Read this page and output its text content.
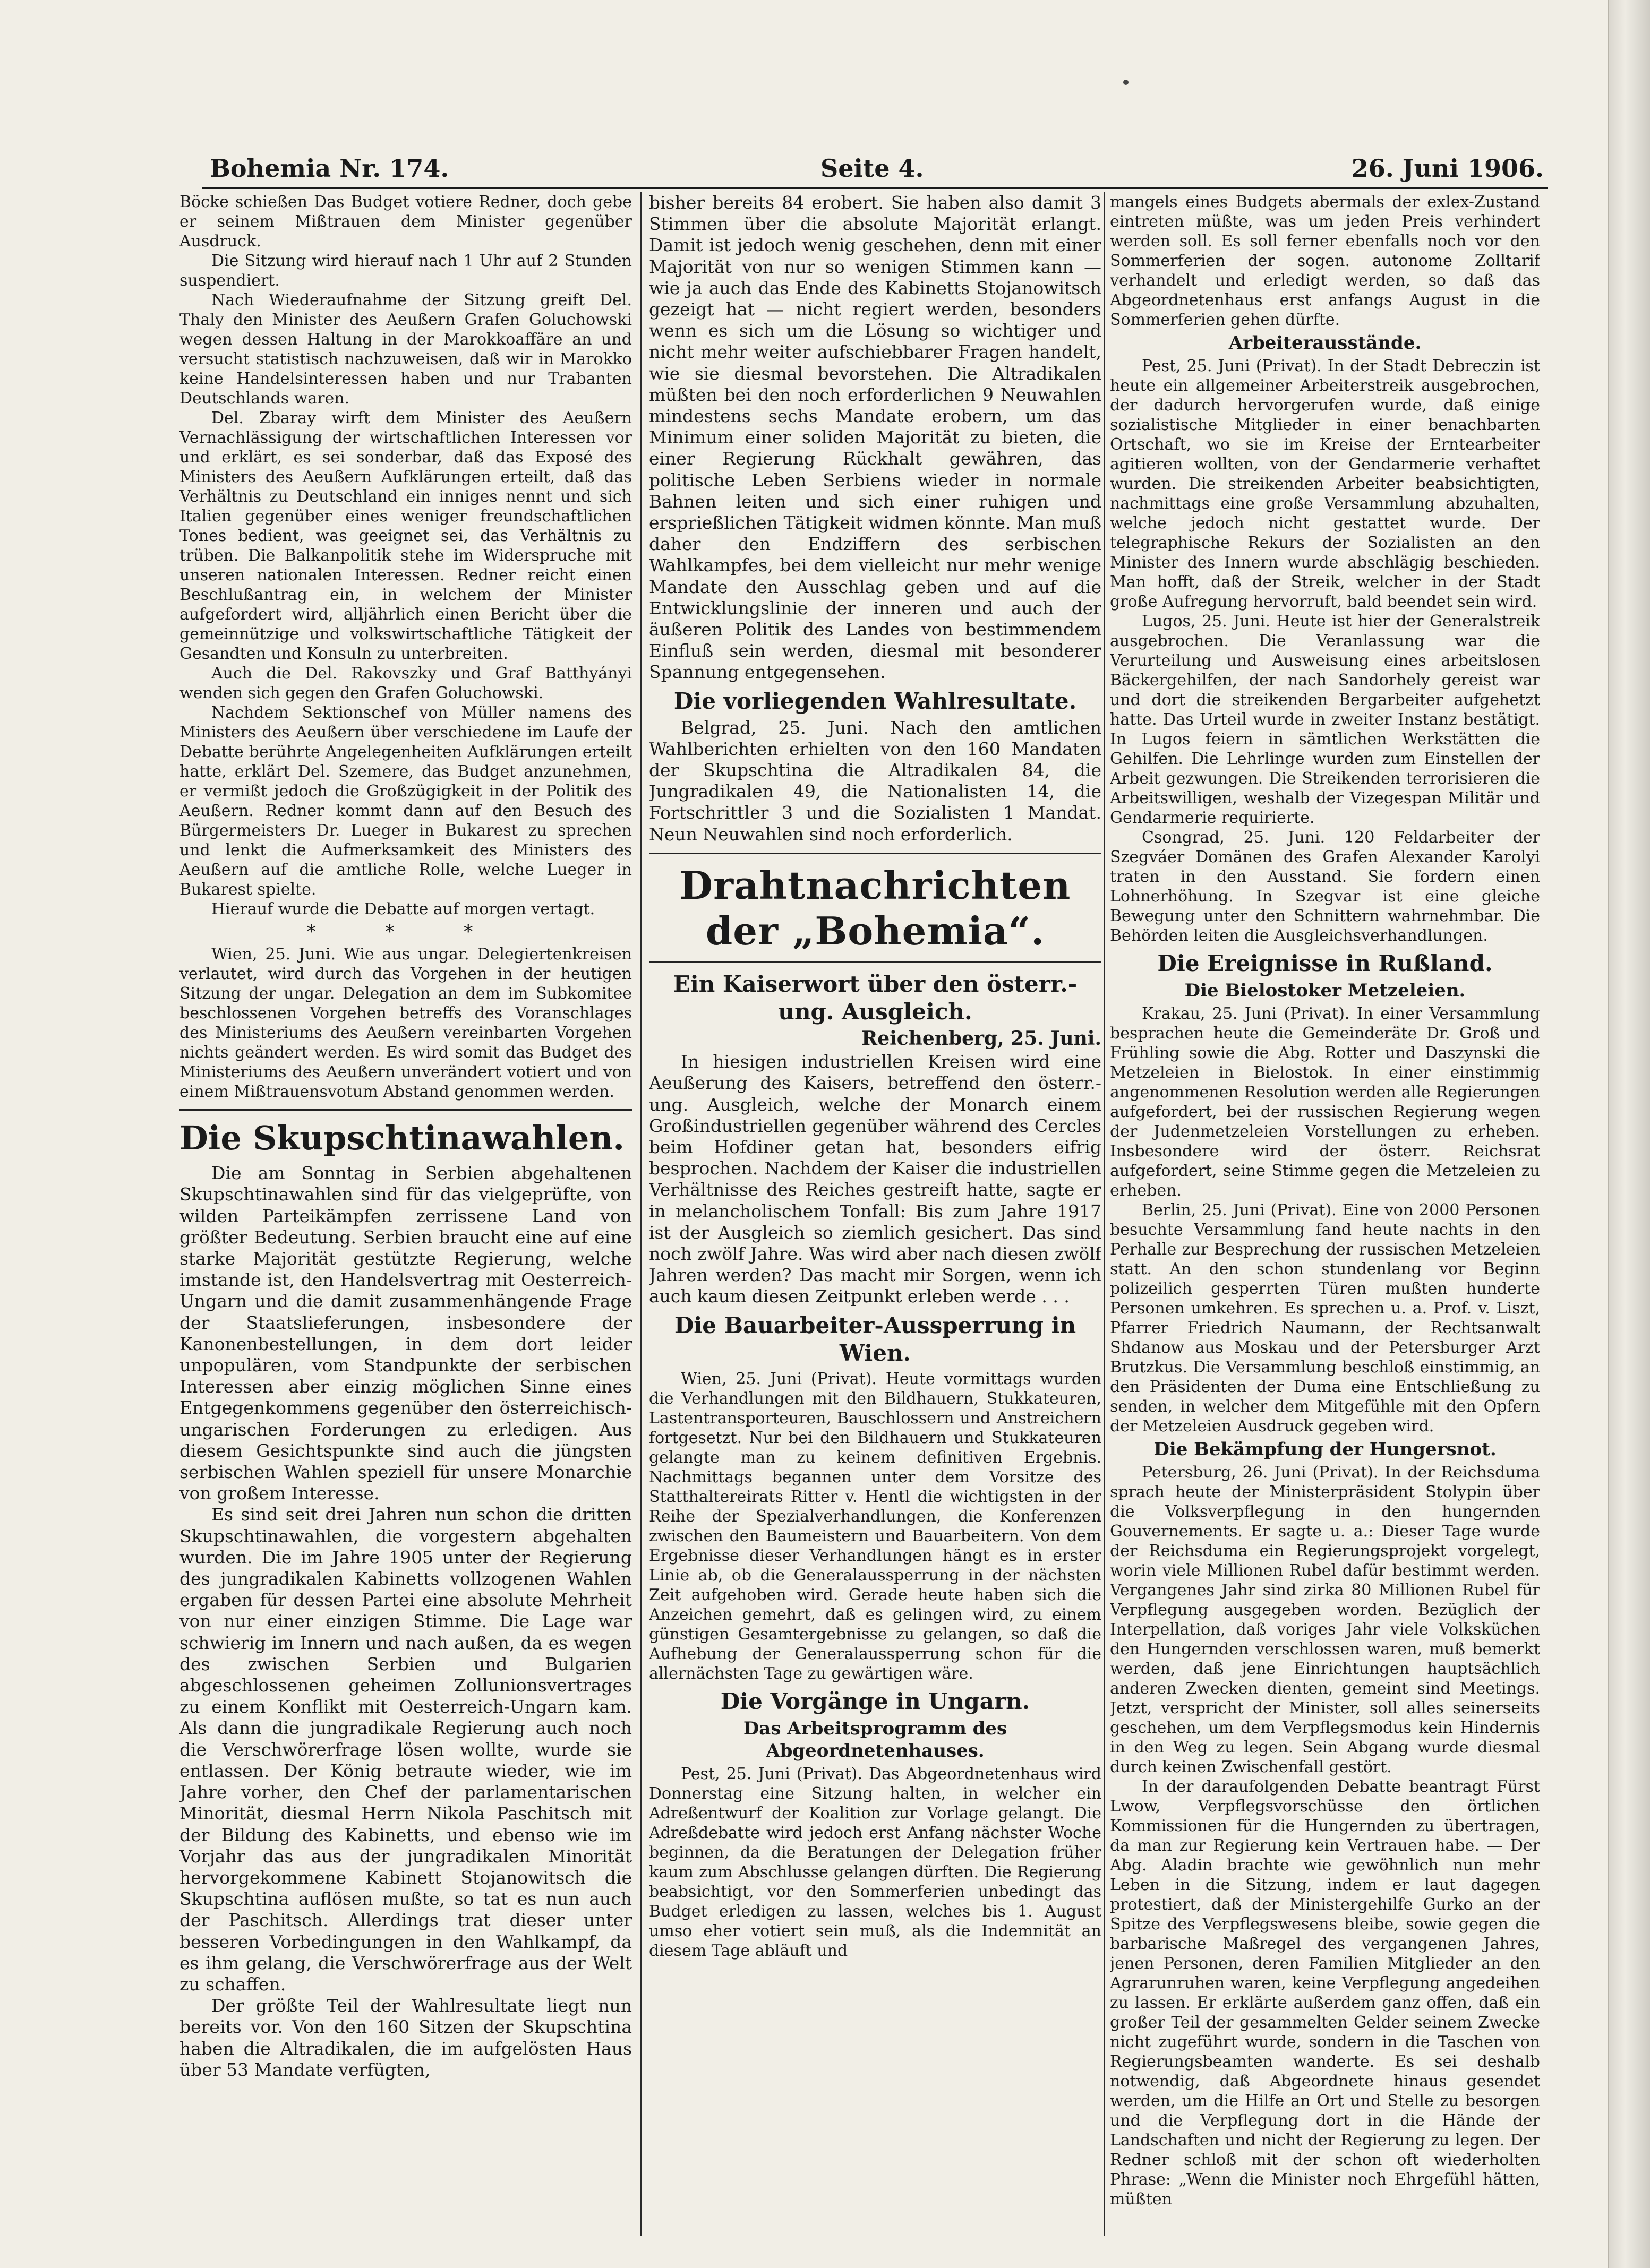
Bohemia Nr. 174.	Seite 4.	26. Juni 1906.

Böcke schießen Das Budget votiere Redner, doch gebe er seinem Mißtrauen dem Minister gegenüber Ausdruck.

Die Sitzung wird hierauf nach 1 Uhr auf 2 Stunden suspendiert.

Nach Wiederaufnahme der Sitzung greift Del. Thaly den Minister des Aeußern Grafen Goluchowski wegen dessen Haltung in der Marokkoaffäre an und versucht statistisch nachzuweisen, daß wir in Marokko keine Handelsinteressen haben und nur Trabanten Deutschlands waren.

Del. Zbaray wirft dem Minister des Aeußern Vernachlässigung der wirtschaftlichen Interessen vor und erklärt, es sei sonderbar, daß das Exposé des Ministers des Aeußern Aufklärungen erteilt, daß das Verhältnis zu Deutschland ein inniges nennt und sich Italien gegenüber eines weniger freundschaftlichen Tones bedient, was geeignet sei, das Verhältnis zu trüben. Die Balkanpolitik stehe im Widerspruche mit unseren nationalen Interessen. Redner reicht einen Beschlußantrag ein, in welchem der Minister aufgefordert wird, alljährlich einen Bericht über die gemeinnützige und volkswirtschaftliche Tätigkeit der Gesandten und Konsuln zu unterbreiten.

Auch die Del. Rakovszky und Graf Batthyányi wenden sich gegen den Grafen Goluchowski.

Nachdem Sektionschef von Müller namens des Ministers des Aeußern über verschiedene im Laufe der Debatte berührte Angelegenheiten Aufklärungen erteilt hatte, erklärt Del. Szemere, das Budget anzunehmen, er vermißt jedoch die Großzügigkeit in der Politik des Aeußern. Redner kommt dann auf den Besuch des Bürgermeisters Dr. Lueger in Bukarest zu sprechen und lenkt die Aufmerksamkeit des Ministers des Aeußern auf die amtliche Rolle, welche Lueger in Bukarest spielte.

Hierauf wurde die Debatte auf morgen vertagt.

* * *

Wien, 25. Juni. Wie aus ungar. Delegiertenkreisen verlautet, wird durch das Vorgehen in der heutigen Sitzung der ungar. Delegation an dem im Subkomitee beschlossenen Vorgehen betreffs des Voranschlages des Ministeriums des Aeußern vereinbarten Vorgehen nichts geändert werden. Es wird somit das Budget des Ministeriums des Aeußern unverändert votiert und von einem Mißtrauensvotum Abstand genommen werden.

Die Skupschtinawahlen.

Die am Sonntag in Serbien abgehaltenen Skupschtinawahlen sind für das vielgeprüfte, von wilden Parteikämpfen zerrissene Land von größter Bedeutung. Serbien braucht eine auf eine starke Majorität gestützte Regierung, welche imstande ist, den Handelsvertrag mit Oesterreich-Ungarn und die damit zusammenhängende Frage der Staatslieferungen, insbesondere der Kanonenbestellungen, in dem dort leider unpopulären, vom Standpunkte der serbischen Interessen aber einzig möglichen Sinne eines Entgegenkommens gegenüber den österreichisch-ungarischen Forderungen zu erledigen. Aus diesem Gesichtspunkte sind auch die jüngsten serbischen Wahlen speziell für unsere Monarchie von großem Interesse.

Es sind seit drei Jahren nun schon die dritten Skupschtinawahlen, die vorgestern abgehalten wurden. Die im Jahre 1905 unter der Regierung des jungradikalen Kabinetts vollzogenen Wahlen ergaben für dessen Partei eine absolute Mehrheit von nur einer einzigen Stimme. Die Lage war schwierig im Innern und nach außen, da es wegen des zwischen Serbien und Bulgarien abgeschlossenen geheimen Zollunionsvertrages zu einem Konflikt mit Oesterreich-Ungarn kam. Als dann die jungradikale Regierung auch noch die Verschwörerfrage lösen wollte, wurde sie entlassen. Der König betraute wieder, wie im Jahre vorher, den Chef der parlamentarischen Minorität, diesmal Herrn Nikola Paschitsch mit der Bildung des Kabinetts, und ebenso wie im Vorjahr das aus der jungradikalen Minorität hervorgekommene Kabinett Stojanowitsch die Skupschtina auflösen mußte, so tat es nun auch der Paschitsch. Allerdings trat dieser unter besseren Vorbedingungen in den Wahlkampf, da es ihm gelang, die Verschwörerfrage aus der Welt zu schaffen.

Der größte Teil der Wahlresultate liegt nun bereits vor. Von den 160 Sitzen der Skupschtina haben die Altradikalen, die im aufgelösten Haus über 53 Mandate verfügten,

bisher bereits 84 erobert. Sie haben also damit 3 Stimmen über die absolute Majorität erlangt. Damit ist jedoch wenig geschehen, denn mit einer Majorität von nur so wenigen Stimmen kann — wie ja auch das Ende des Kabinetts Stojanowitsch gezeigt hat — nicht regiert werden, besonders wenn es sich um die Lösung so wichtiger und nicht mehr weiter aufschiebbarer Fragen handelt, wie sie diesmal bevorstehen. Die Altradikalen müßten bei den noch erforderlichen 9 Neuwahlen mindestens sechs Mandate erobern, um das Minimum einer soliden Majorität zu bieten, die einer Regierung Rückhalt gewähren, das politische Leben Serbiens wieder in normale Bahnen leiten und sich einer ruhigen und ersprießlichen Tätigkeit widmen könnte. Man muß daher den Endziffern des serbischen Wahlkampfes, bei dem vielleicht nur mehr wenige Mandate den Ausschlag geben und auf die Entwicklungslinie der inneren und auch der äußeren Politik des Landes von bestimmendem Einfluß sein werden, diesmal mit besonderer Spannung entgegensehen.

Die vorliegenden Wahlresultate.

Belgrad, 25. Juni. Nach den amtlichen Wahlberichten erhielten von den 160 Mandaten der Skupschtina die Altradikalen 84, die Jungradikalen 49, die Nationalisten 14, die Fortschrittler 3 und die Sozialisten 1 Mandat. Neun Neuwahlen sind noch erforderlich.

Drahtnachrichten der „Bohemia“.
Ein Kaiserwort über den österr.-ung. Ausgleich.
Reichenberg, 25. Juni.

In hiesigen industriellen Kreisen wird eine Aeußerung des Kaisers, betreffend den österr.-ung. Ausgleich, welche der Monarch einem Großindustriellen gegenüber während des Cercles beim Hofdiner getan hat, besonders eifrig besprochen. Nachdem der Kaiser die industriellen Verhältnisse des Reiches gestreift hatte, sagte er in melancholischem Tonfall: Bis zum Jahre 1917 ist der Ausgleich so ziemlich gesichert. Das sind noch zwölf Jahre. Was wird aber nach diesen zwölf Jahren werden? Das macht mir Sorgen, wenn ich auch kaum diesen Zeitpunkt erleben werde . . .

Die Bauarbeiter-Aussperrung in Wien.

Wien, 25. Juni (Privat). Heute vormittags wurden die Verhandlungen mit den Bildhauern, Stukkateuren, Lastentransporteuren, Bauschlossern und Anstreichern fortgesetzt. Nur bei den Bildhauern und Stukkateuren gelangte man zu keinem definitiven Ergebnis. Nachmittags begannen unter dem Vorsitze des Statthaltereirats Ritter v. Hentl die wichtigsten in der Reihe der Spezialverhandlungen, die Konferenzen zwischen den Baumeistern und Bauarbeitern. Von dem Ergebnisse dieser Verhandlungen hängt es in erster Linie ab, ob die Generalaussperrung in der nächsten Zeit aufgehoben wird. Gerade heute haben sich die Anzeichen gemehrt, daß es gelingen wird, zu einem günstigen Gesamtergebnisse zu gelangen, so daß die Aufhebung der Generalaussperrung schon für die allernächsten Tage zu gewärtigen wäre.

Die Vorgänge in Ungarn.
Das Arbeitsprogramm des Abgeordnetenhauses.

Pest, 25. Juni (Privat). Das Abgeordnetenhaus wird Donnerstag eine Sitzung halten, in welcher ein Adreßentwurf der Koalition zur Vorlage gelangt. Die Adreßdebatte wird jedoch erst Anfang nächster Woche beginnen, da die Beratungen der Delegation früher kaum zum Abschlusse gelangen dürften. Die Regierung beabsichtigt, vor den Sommerferien unbedingt das Budget erledigen zu lassen, welches bis 1. August umso eher votiert sein muß, als die Indemnität an diesem Tage abläuft und

mangels eines Budgets abermals der exlex-Zustand eintreten müßte, was um jeden Preis verhindert werden soll. Es soll ferner ebenfalls noch vor den Sommerferien der sogen. autonome Zolltarif verhandelt und erledigt werden, so daß das Abgeordnetenhaus erst anfangs August in die Sommerferien gehen dürfte.

Arbeiterausstände.

Pest, 25. Juni (Privat). In der Stadt Debreczin ist heute ein allgemeiner Arbeiterstreik ausgebrochen, der dadurch hervorgerufen wurde, daß einige sozialistische Mitglieder in einer benachbarten Ortschaft, wo sie im Kreise der Erntearbeiter agitieren wollten, von der Gendarmerie verhaftet wurden. Die streikenden Arbeiter beabsichtigten, nachmittags eine große Versammlung abzuhalten, welche jedoch nicht gestattet wurde. Der telegraphische Rekurs der Sozialisten an den Minister des Innern wurde abschlägig beschieden. Man hofft, daß der Streik, welcher in der Stadt große Aufregung hervorruft, bald beendet sein wird.

Lugos, 25. Juni. Heute ist hier der Generalstreik ausgebrochen. Die Veranlassung war die Verurteilung und Ausweisung eines arbeitslosen Bäckergehilfen, der nach Sandorhely gereist war und dort die streikenden Bergarbeiter aufgehetzt hatte. Das Urteil wurde in zweiter Instanz bestätigt. In Lugos feiern in sämtlichen Werkstätten die Gehilfen. Die Lehrlinge wurden zum Einstellen der Arbeit gezwungen. Die Streikenden terrorisieren die Arbeitswilligen, weshalb der Vizegespan Militär und Gendarmerie requirierte.

Csongrad, 25. Juni. 120 Feldarbeiter der Szegváer Domänen des Grafen Alexander Karolyi traten in den Ausstand. Sie fordern einen Lohnerhöhung. In Szegvar ist eine gleiche Bewegung unter den Schnittern wahrnehmbar. Die Behörden leiten die Ausgleichsverhandlungen.

Die Ereignisse in Rußland.
Die Bielostoker Metzeleien.

Krakau, 25. Juni (Privat). In einer Versammlung besprachen heute die Gemeinderäte Dr. Groß und Frühling sowie die Abg. Rotter und Daszynski die Metzeleien in Bielostok. In einer einstimmig angenommenen Resolution werden alle Regierungen aufgefordert, bei der russischen Regierung wegen der Judenmetzeleien Vorstellungen zu erheben. Insbesondere wird der österr. Reichsrat aufgefordert, seine Stimme gegen die Metzeleien zu erheben.

Berlin, 25. Juni (Privat). Eine von 2000 Personen besuchte Versammlung fand heute nachts in den Perhalle zur Besprechung der russischen Metzeleien statt. An den schon stundenlang vor Beginn polizeilich gesperrten Türen mußten hunderte Personen umkehren. Es sprechen u. a. Prof. v. Liszt, Pfarrer Friedrich Naumann, der Rechtsanwalt Shdanow aus Moskau und der Petersburger Arzt Brutzkus. Die Versammlung beschloß einstimmig, an den Präsidenten der Duma eine Entschließung zu senden, in welcher dem Mitgefühle mit den Opfern der Metzeleien Ausdruck gegeben wird.

Die Bekämpfung der Hungersnot.

Petersburg, 26. Juni (Privat). In der Reichsduma sprach heute der Ministerpräsident Stolypin über die Volksverpflegung in den hungernden Gouvernements. Er sagte u. a.: Dieser Tage wurde der Reichsduma ein Regierungsprojekt vorgelegt, worin viele Millionen Rubel dafür bestimmt werden. Vergangenes Jahr sind zirka 80 Millionen Rubel für Verpflegung ausgegeben worden. Bezüglich der Interpellation, daß voriges Jahr viele Volksküchen den Hungernden verschlossen waren, muß bemerkt werden, daß jene Einrichtungen hauptsächlich anderen Zwecken dienten, gemeint sind Meetings. Jetzt, verspricht der Minister, soll alles seinerseits geschehen, um dem Verpflegsmodus kein Hindernis in den Weg zu legen. Sein Abgang wurde diesmal durch keinen Zwischenfall gestört.

In der daraufolgenden Debatte beantragt Fürst Lwow, Verpflegsvorschüsse den örtlichen Kommissionen für die Hungernden zu übertragen, da man zur Regierung kein Vertrauen habe. — Der Abg. Aladin brachte wie gewöhnlich nun mehr Leben in die Sitzung, indem er laut dagegen protestiert, daß der Ministergehilfe Gurko an der Spitze des Verpflegswesens bleibe, sowie gegen die barbarische Maßregel des vergangenen Jahres, jenen Personen, deren Familien Mitglieder an den Agrarunruhen waren, keine Verpflegung angedeihen zu lassen. Er erklärte außerdem ganz offen, daß ein großer Teil der gesammelten Gelder seinem Zwecke nicht zugeführt wurde, sondern in die Taschen von Regierungsbeamten wanderte. Es sei deshalb notwendig, daß Abgeordnete hinaus gesendet werden, um die Hilfe an Ort und Stelle zu besorgen und die Verpflegung dort in die Hände der Landschaften und nicht der Regierung zu legen. Der Redner schloß mit der schon oft wiederholten Phrase: „Wenn die Minister noch Ehrgefühl hätten, müßten
